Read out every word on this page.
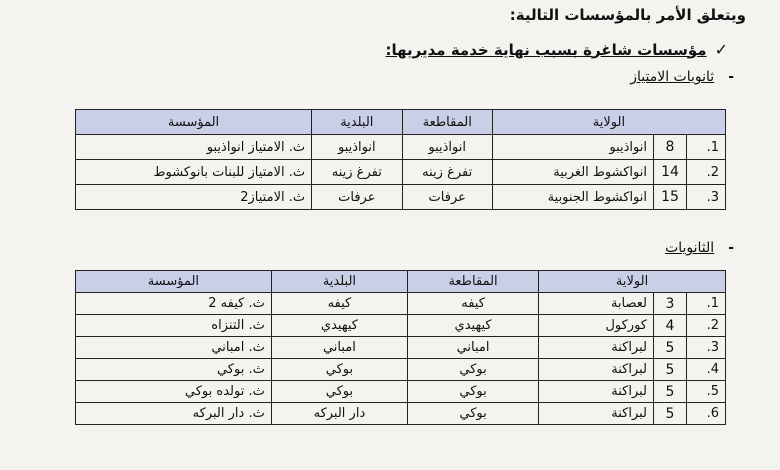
ويتعلق الأمر بالمؤسسات التالية:
✓
مؤسسات شاغرة بسبب نهاية خدمة مديريها:
-
ثانويات الامتياز
الولاية			المقاطعة	البلدية	المؤسسة
1.	8	انواذيبو	انواذيبو	انواذيبو	ث. الامتياز انواذيبو
2.	14	انواكشوط الغربية	تفرغ زينه	تفرغ زينه	ث. الامتياز للبنات بانوكشوط
3.	15	انواكشوط الجنوبية	عرفات	عرفات	ث. الامتياز2
-
الثانويات
الولاية			المقاطعة	البلدية	المؤسسة
1.	3	لعصابة	كيفه	كيفه	ث. كيفه 2
2.	4	كوركول	كيهيدي	كيهيدي	ث. التنزاه
3.	5	لبراكنة	امباني	امباني	ث. امباني
4.	5	لبراكنة	بوكي	بوكي	ث. بوكي
5.	5	لبراكنة	بوكي	بوكي	ث. تولده بوكي
6.	5	لبراكنة	بوكي	دار البركه	ث. دار البركه
